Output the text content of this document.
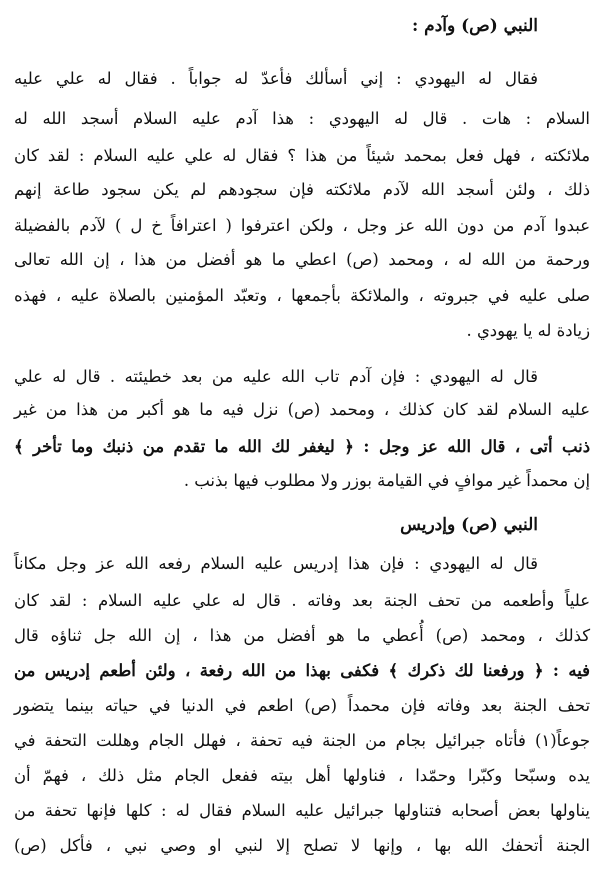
النبي (ص) وآدم :
فقال له اليهودي : إني أسألك فأعدّ له جواباً . فقال له علي عليه
السلام : هات . قال له اليهودي : هذا آدم عليه السلام أسجد الله له
ملائكته ، فهل فعل بمحمد شيئاً من هذا ؟ فقال له علي عليه السلام : لقد كان
ذلك ، ولئن أسجد الله لآدم ملائكته فإن سجودهم لم يكن سجود طاعة إنهم
عبدوا آدم من دون الله عز وجل ، ولكن اعترفوا ( اعترافاً خ ل ) لآدم بالفضيلة
ورحمة من الله له ، ومحمد (ص) اعطي ما هو أفضل من هذا ، إن الله تعالى
صلى عليه في جبروته ، والملائكة بأجمعها ، وتعبّد المؤمنين بالصلاة عليه ، فهذه
زيادة له يا يهودي .
قال له اليهودي : فإن آدم تاب الله عليه من بعد خطيئته . قال له علي
عليه السلام لقد كان كذلك ، ومحمد (ص) نزل فيه ما هو أكبر من هذا من غير
ذنب أتى ، قال الله عز وجل : ﴿ ليغفر لك الله ما تقدم من ذنبك وما تأخر ﴾
إن محمداً غير موافٍ في القيامة بوزر ولا مطلوب فيها بذنب .
النبي (ص) وإدريس
قال له اليهودي : فإن هذا إدريس عليه السلام رفعه الله عز وجل مكاناً
علياً وأطعمه من تحف الجنة بعد وفاته . قال له علي عليه السلام : لقد كان
كذلك ، ومحمد (ص) أُعطي ما هو أفضل من هذا ، إن الله جل ثناؤه قال
فيه : ﴿ ورفعنا لك ذكرك ﴾ فكفى بهذا من الله رفعة ، ولئن أطعم إدريس من
تحف الجنة بعد وفاته فإن محمداً (ص) اطعم في الدنيا في حياته بينما يتضور
جوعاً(١) فأتاه جبرائيل بجام من الجنة فيه تحفة ، فهلل الجام وهللت التحفة في
يده وسبّحا وكبّرا وحمّدا ، فناولها أهل بيته ففعل الجام مثل ذلك ، فهمّ أن
يناولها بعض أصحابه فتناولها جبرائيل عليه السلام فقال له : كلها فإنها تحفة من
الجنة أتحفك الله بها ، وإنها لا تصلح إلا لنبي او وصي نبي ، فأكل (ص)
